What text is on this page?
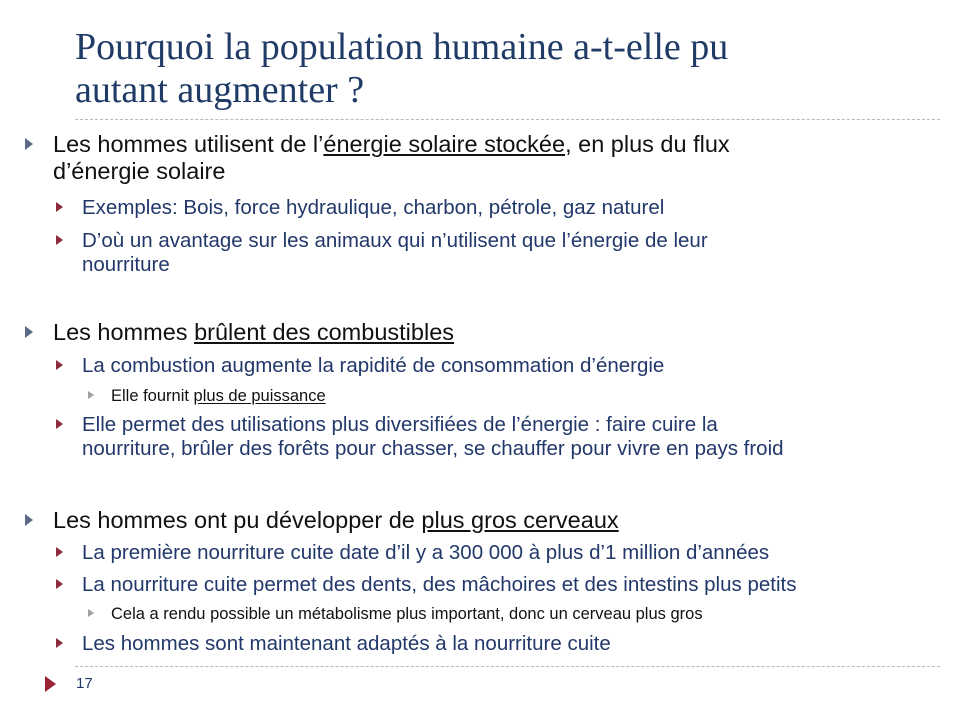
Pourquoi la population humaine a-t-elle pu
autant augmenter ?
Les hommes utilisent de l’énergie solaire stockée, en plus du flux
d’énergie solaire
Exemples: Bois, force hydraulique, charbon, pétrole, gaz naturel
D’où un avantage sur les animaux qui n’utilisent que l’énergie de leur
nourriture
Les hommes brûlent des combustibles
La combustion augmente la rapidité de consommation d’énergie
Elle fournit plus de puissance
Elle permet des utilisations plus diversifiées de l’énergie : faire cuire la
nourriture, brûler des forêts pour chasser, se chauffer pour vivre en pays froid
Les hommes ont pu développer de plus gros cerveaux
La première nourriture cuite date d’il y a 300 000 à plus d’1 million d’années
La nourriture cuite permet des dents, des mâchoires et des intestins plus petits
Cela a rendu possible un métabolisme plus important, donc un cerveau plus gros
Les hommes sont maintenant adaptés à la nourriture cuite
17
